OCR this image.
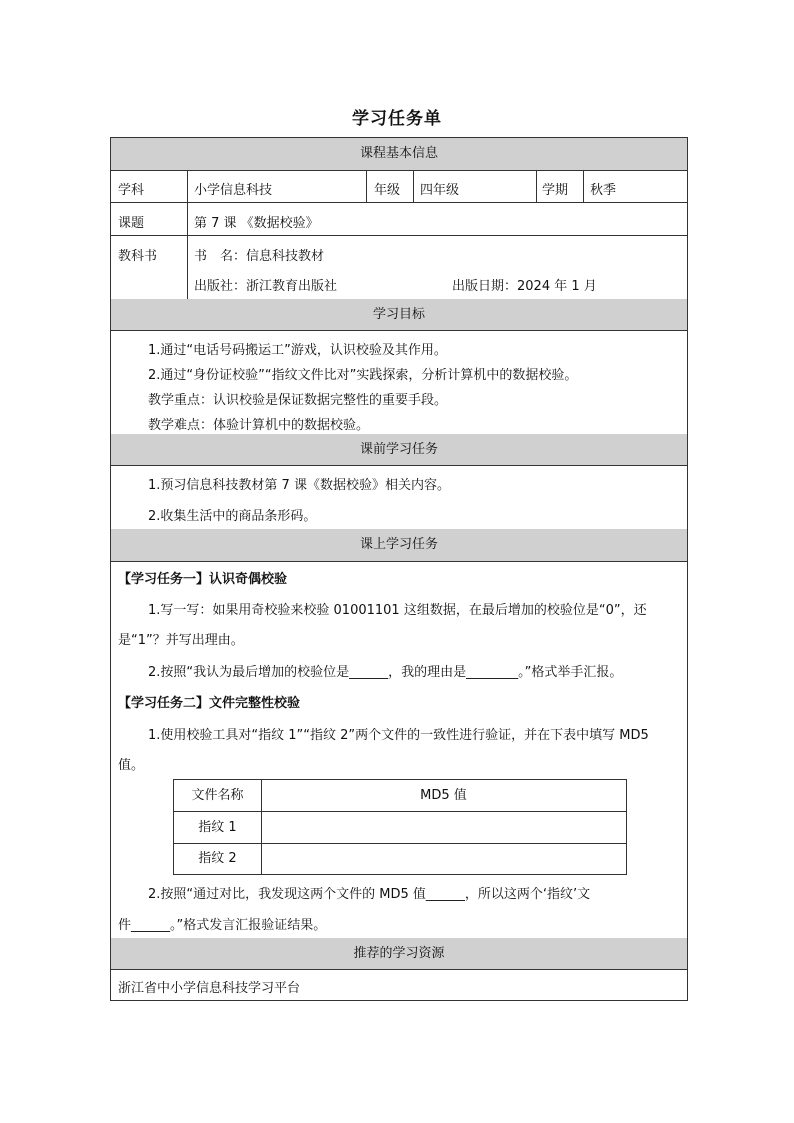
学习任务单
课程基本信息
学科	小学信息科技	年级 四年级	学期 秋季
课题	第 7 课 《数据校验》
教科书	书　名：信息科技教材
出版社：浙江教育出版社	出版日期：2024 年 1 月
学习目标
1.通过“电话号码搬运工”游戏，认识校验及其作用。
2.通过“身份证校验”“指纹文件比对”实践探索，分析计算机中的数据校验。
教学重点：认识校验是保证数据完整性的重要手段。
教学难点：体验计算机中的数据校验。
课前学习任务
1.预习信息科技教材第 7 课《数据校验》相关内容。
2.收集生活中的商品条形码。
课上学习任务
【学习任务一】认识奇偶校验
1.写一写：如果用奇校验来校验 01001101 这组数据，在最后增加的校验位是“0”，还
是“1”？并写出理由。
2.按照“我认为最后增加的校验位是______，我的理由是________。”格式举手汇报。
【学习任务二】文件完整性校验
1.使用校验工具对“指纹 1”“指纹 2”两个文件的一致性进行验证，并在下表中填写 MD5
值。
文件名称	MD5 值
指纹 1
指纹 2
2.按照“通过对比，我发现这两个文件的 MD5 值______，所以这两个‘指纹’文
件______。”格式发言汇报验证结果。
推荐的学习资源
浙江省中小学信息科技学习平台
